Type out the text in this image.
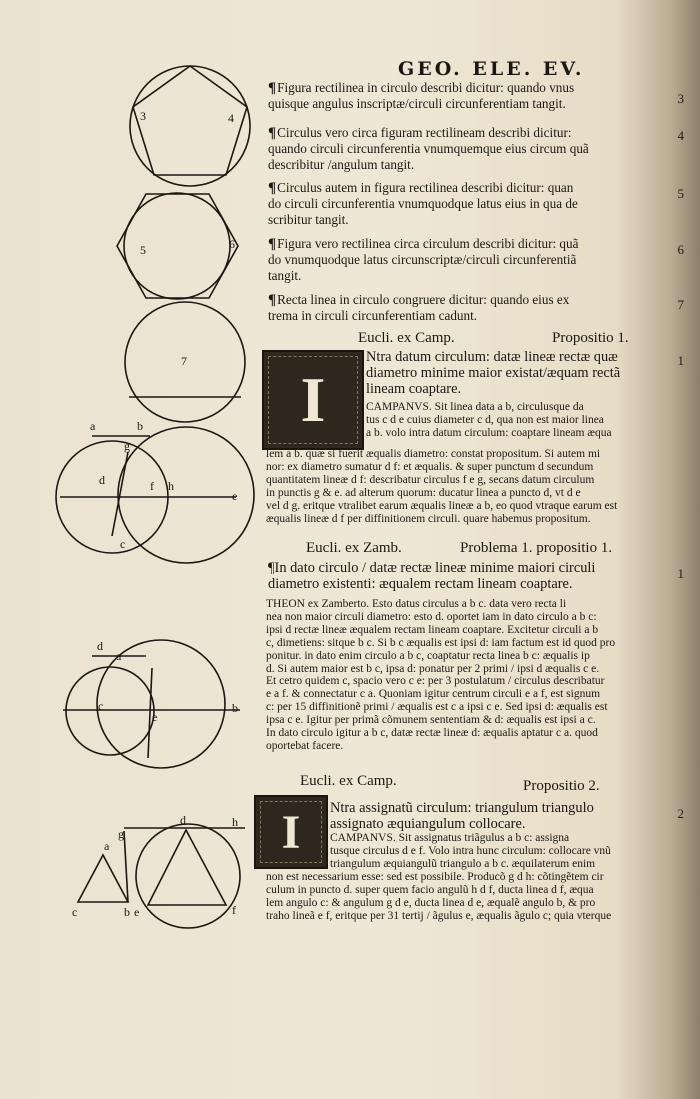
GEO. ELE. EV.
3	4
5	6
7
a	b
g
d	f h
e
c
d
a
c
e
b
g
d	h
a
c	b e	f
¶Figura rectilinea in circulo describi dicitur: quando vnus
quisque angulus inscriptæ/circuli circunferentiam tangit.	3
¶Circulus vero circa figuram rectilineam describi dicitur:
quando circuli circunferentia vnumquemque eius circum quã
describitur /angulum tangit.
4
¶Circulus autem in figura rectilinea describi dicitur: quan
do circuli circunferentia vnumquodque latus eius in qua de
scribitur tangit.
5
¶Figura vero rectilinea circa circulum describi dicitur: quã
do vnumquodque latus circunscriptæ/circuli circunferentiã
tangit.
6
¶Recta linea in circulo congruere dicitur: quando eius ex
trema in circuli circunferentiam cadunt.
7
Eucli. ex Camp.	Propositio 1.
I
Ntra datum circulum: datæ lineæ rectæ quæ
diametro minime maior existat/æquam rectã
lineam coaptare.
1
CAMPANVS. Sit linea data a b, circulusque da
tus c d e cuius diameter c d, qua non est maior linea
a b. volo intra datum circulum: coaptare lineam æqua
lem a b. quæ si fuerit æqualis diametro: constat propositum. Si autem mi
nor: ex diametro sumatur d f: et æqualis. & super punctum d secundum
quantitatem lineæ d f: describatur circulus f e g, secans datum circulum
in punctis g & e. ad alterum quorum: ducatur linea a puncto d, vt d e
vel d g. eritque vtralibet earum æqualis lineæ a b, eo quod vtraque earum est
æqualis lineæ d f per diffinitionem circuli. quare habemus propositum.
Eucli. ex Zamb.	Problema 1. propositio 1.
¶In dato circulo / datæ rectæ lineæ minime maiori circuli
diametro existenti: æqualem rectam lineam coaptare.
1
THEON ex Zamberto. Esto datus circulus a b c. data vero recta li
nea non maior circuli diametro: esto d. oportet iam in dato circulo a b c:
ipsi d rectæ lineæ æqualem rectam lineam coaptare. Excitetur circuli a b
c, dimetiens: sitque b c. Si b c æqualis est ipsi d: iam factum est id quod pro
ponitur. in dato enim circulo a b c, coaptatur recta linea b c: æqualis ip
d. Si autem maior est b c, ipsa d: ponatur per 2 primi / ipsi d æqualis c e.
Et cetro quidem c, spacio vero c e: per 3 postulatum / circulus describatur
e a f. & connectatur c a. Quoniam igitur centrum circuli e a f, est signum
c: per 15 diffinitionẽ primi / æqualis est c a ipsi c e. Sed ipsi d: æqualis est
ipsa c e. Igitur per primã cõmunem sententiam & d: æqualis est ipsi a c.
In dato circulo igitur a b c, datæ rectæ lineæ d: æqualis aptatur c a. quod
oportebat facere.
Eucli. ex Camp.	Propositio 2.
I Ntra assignatũ circulum: triangulum triangulo
assignato æquiangulum collocare.
2
CAMPANVS. Sit assignatus triãgulus a b c: assigna
tusque circulus d e f. Volo intra hunc circulum: collocare vnũ
triangulum æquiangulũ triangulo a b c. æquilaterum enim
non est necessarium esse: sed est possibile. Producõ g d h: cõtingẽtem cir
culum in puncto d. super quem facio angulũ h d f, ducta linea d f, æqua
lem angulo c: & angulum g d e, ducta linea d e, æqualẽ angulo b, & pro
traho lineã e f, eritque per 31 tertij / ãgulus e, æqualis ãgulo c; quia vterque
